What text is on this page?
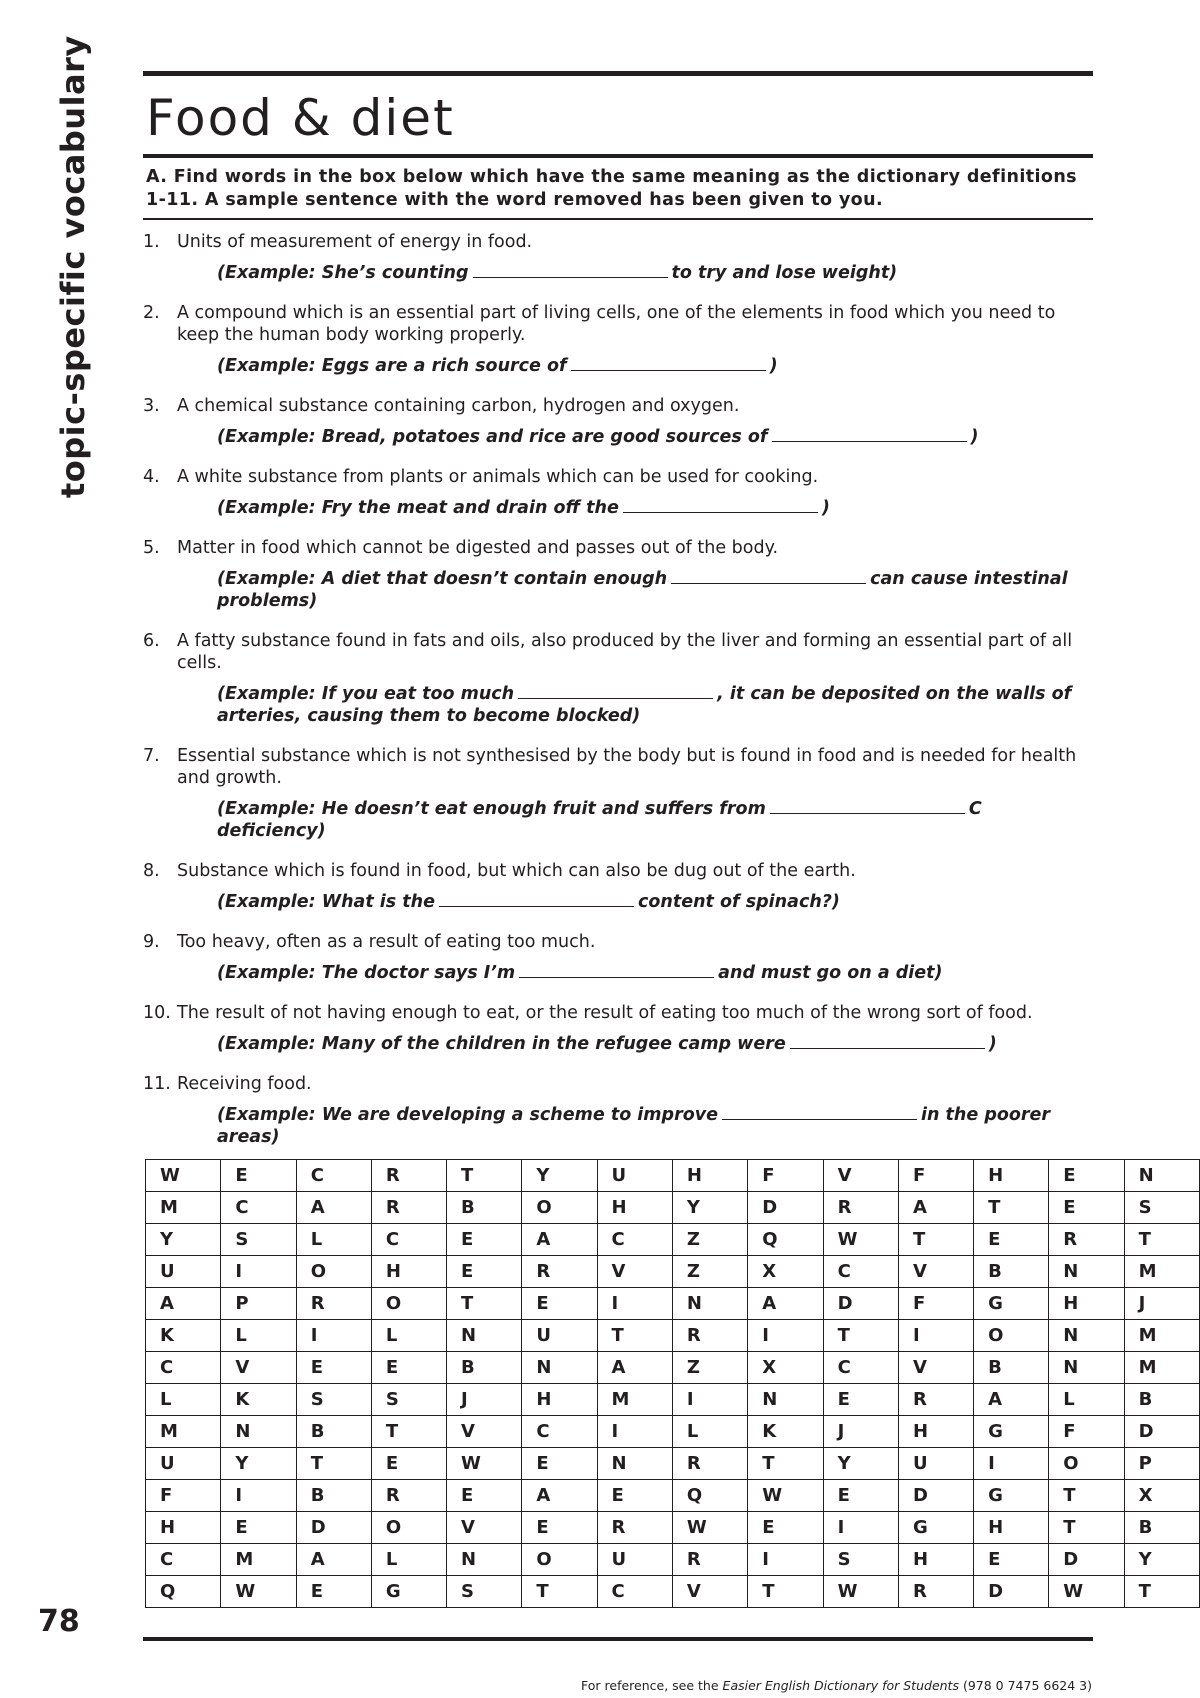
topic-specific vocabulary
78
Food & diet

A. Find words in the box below which have the same meaning as the dictionary definitions 1-11. A sample sentence with the word removed has been given to you.

1. Units of measurement of energy in food.

(Example: She’s counting	to try and lose weight)

2. A compound which is an essential part of living cells, one of the elements in food which you need to keep the human body working properly.

(Example: Eggs are a rich source of	)

3. A chemical substance containing carbon, hydrogen and oxygen.

(Example: Bread, potatoes and rice are good sources of	)

4. A white substance from plants or animals which can be used for cooking.

(Example: Fry the meat and drain off the	)

5. Matter in food which cannot be digested and passes out of the body.

(Example: A diet that doesn’t contain enough	can cause intestinal problems)

6. A fatty substance found in fats and oils, also produced by the liver and forming an essential part of all cells.

(Example: If you eat too much	, it can be deposited on the walls of arteries, causing them to become blocked)

7. Essential substance which is not synthesised by the body but is found in food and is needed for health and growth.

(Example: He doesn’t eat enough fruit and suffers from	C deficiency)

8. Substance which is found in food, but which can also be dug out of the earth.

(Example: What is the	content of spinach?)

9. Too heavy, often as a result of eating too much.

(Example: The doctor says I’m	and must go on a diet)

10. The result of not having enough to eat, or the result of eating too much of the wrong sort of food.

(Example: Many of the children in the refugee camp were	)

11. Receiving food.

(Example: We are developing a scheme to improve	in the poorer areas)

W	E	C	R	T	Y	U	H	F	V	F	H	E	N
M	C	A	R	B	O	H	Y	D	R	A	T	E	S
Y	S	L	C	E	A	C	Z	Q	W	T	E	R	T
U	I	O	H	E	R	V	Z	X	C	V	B	N	M
A	P	R	O	T	E	I	N	A	D	F	G	H	J
K	L	I	L	N	U	T	R	I	T	I	O	N	M
C	V	E	E	B	N	A	Z	X	C	V	B	N	M
L	K	S	S	J	H	M	I	N	E	R	A	L	B
M	N	B	T	V	C	I	L	K	J	H	G	F	D
U	Y	T	E	W	E	N	R	T	Y	U	I	O	P
F	I	B	R	E	A	E	Q	W	E	D	G	T	X
H	E	D	O	V	E	R	W	E	I	G	H	T	B
C	M	A	L	N	O	U	R	I	S	H	E	D	Y
Q	W	E	G	S	T	C	V	T	W	R	D	W	T
For reference, see the Easier English Dictionary for Students (978 0 7475 6624 3)
